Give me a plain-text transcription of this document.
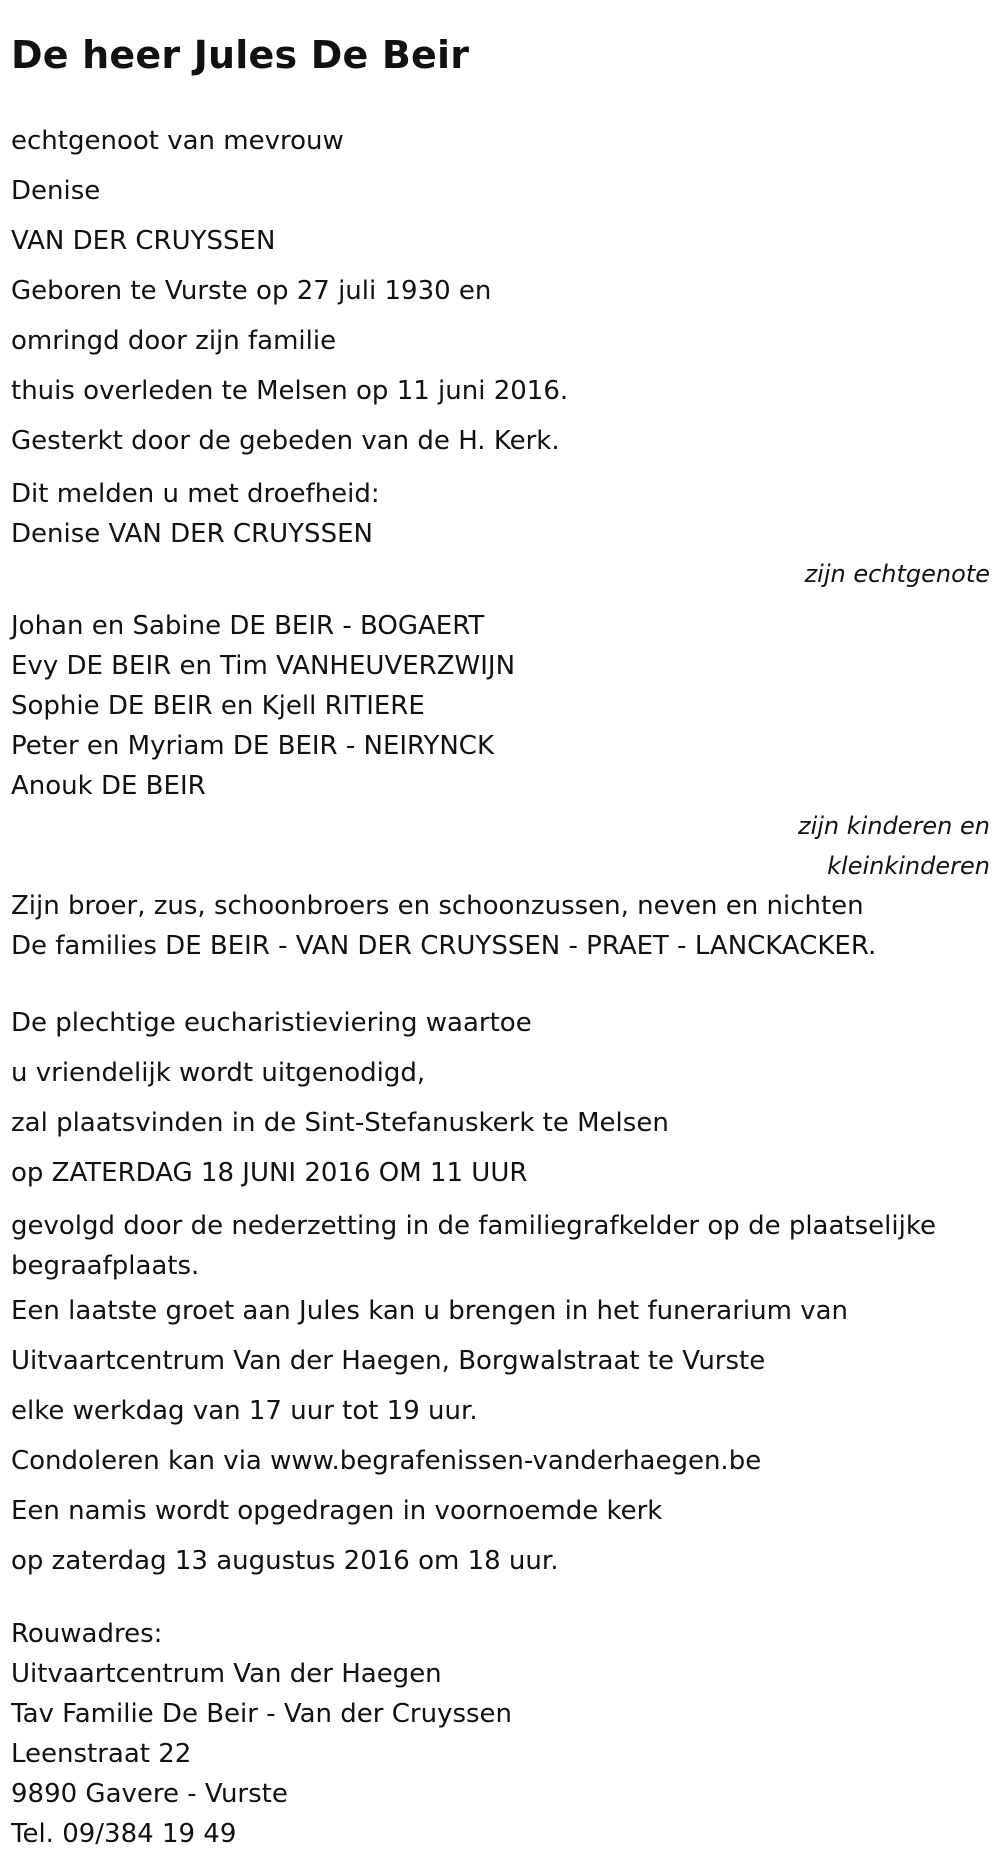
De heer Jules De Beir
echtgenoot van mevrouw
Denise
VAN DER CRUYSSEN
Geboren te Vurste op 27 juli 1930 en
omringd door zijn familie
thuis overleden te Melsen op 11 juni 2016.
Gesterkt door de gebeden van de H. Kerk.
Dit melden u met droefheid:
Denise VAN DER CRUYSSEN
zijn echtgenote
Johan en Sabine DE BEIR - BOGAERT
Evy DE BEIR en Tim VANHEUVERZWIJN
Sophie DE BEIR en Kjell RITIERE
Peter en Myriam DE BEIR - NEIRYNCK
Anouk DE BEIR
zijn kinderen en
kleinkinderen
Zijn broer, zus, schoonbroers en schoonzussen, neven en nichten
De families DE BEIR - VAN DER CRUYSSEN - PRAET - LANCKACKER.
De plechtige eucharistieviering waartoe
u vriendelijk wordt uitgenodigd,
zal plaatsvinden in de Sint-Stefanuskerk te Melsen
op ZATERDAG 18 JUNI 2016 OM 11 UUR
gevolgd door de nederzetting in de familiegrafkelder op de plaatselijke begraafplaats.
Een laatste groet aan Jules kan u brengen in het funerarium van
Uitvaartcentrum Van der Haegen, Borgwalstraat te Vurste
elke werkdag van 17 uur tot 19 uur.
Condoleren kan via www.begrafenissen-vanderhaegen.be
Een namis wordt opgedragen in voornoemde kerk
op zaterdag 13 augustus 2016 om 18 uur.
Rouwadres:
Uitvaartcentrum Van der Haegen
Tav Familie De Beir - Van der Cruyssen
Leenstraat 22
9890 Gavere - Vurste
Tel. 09/384 19 49
